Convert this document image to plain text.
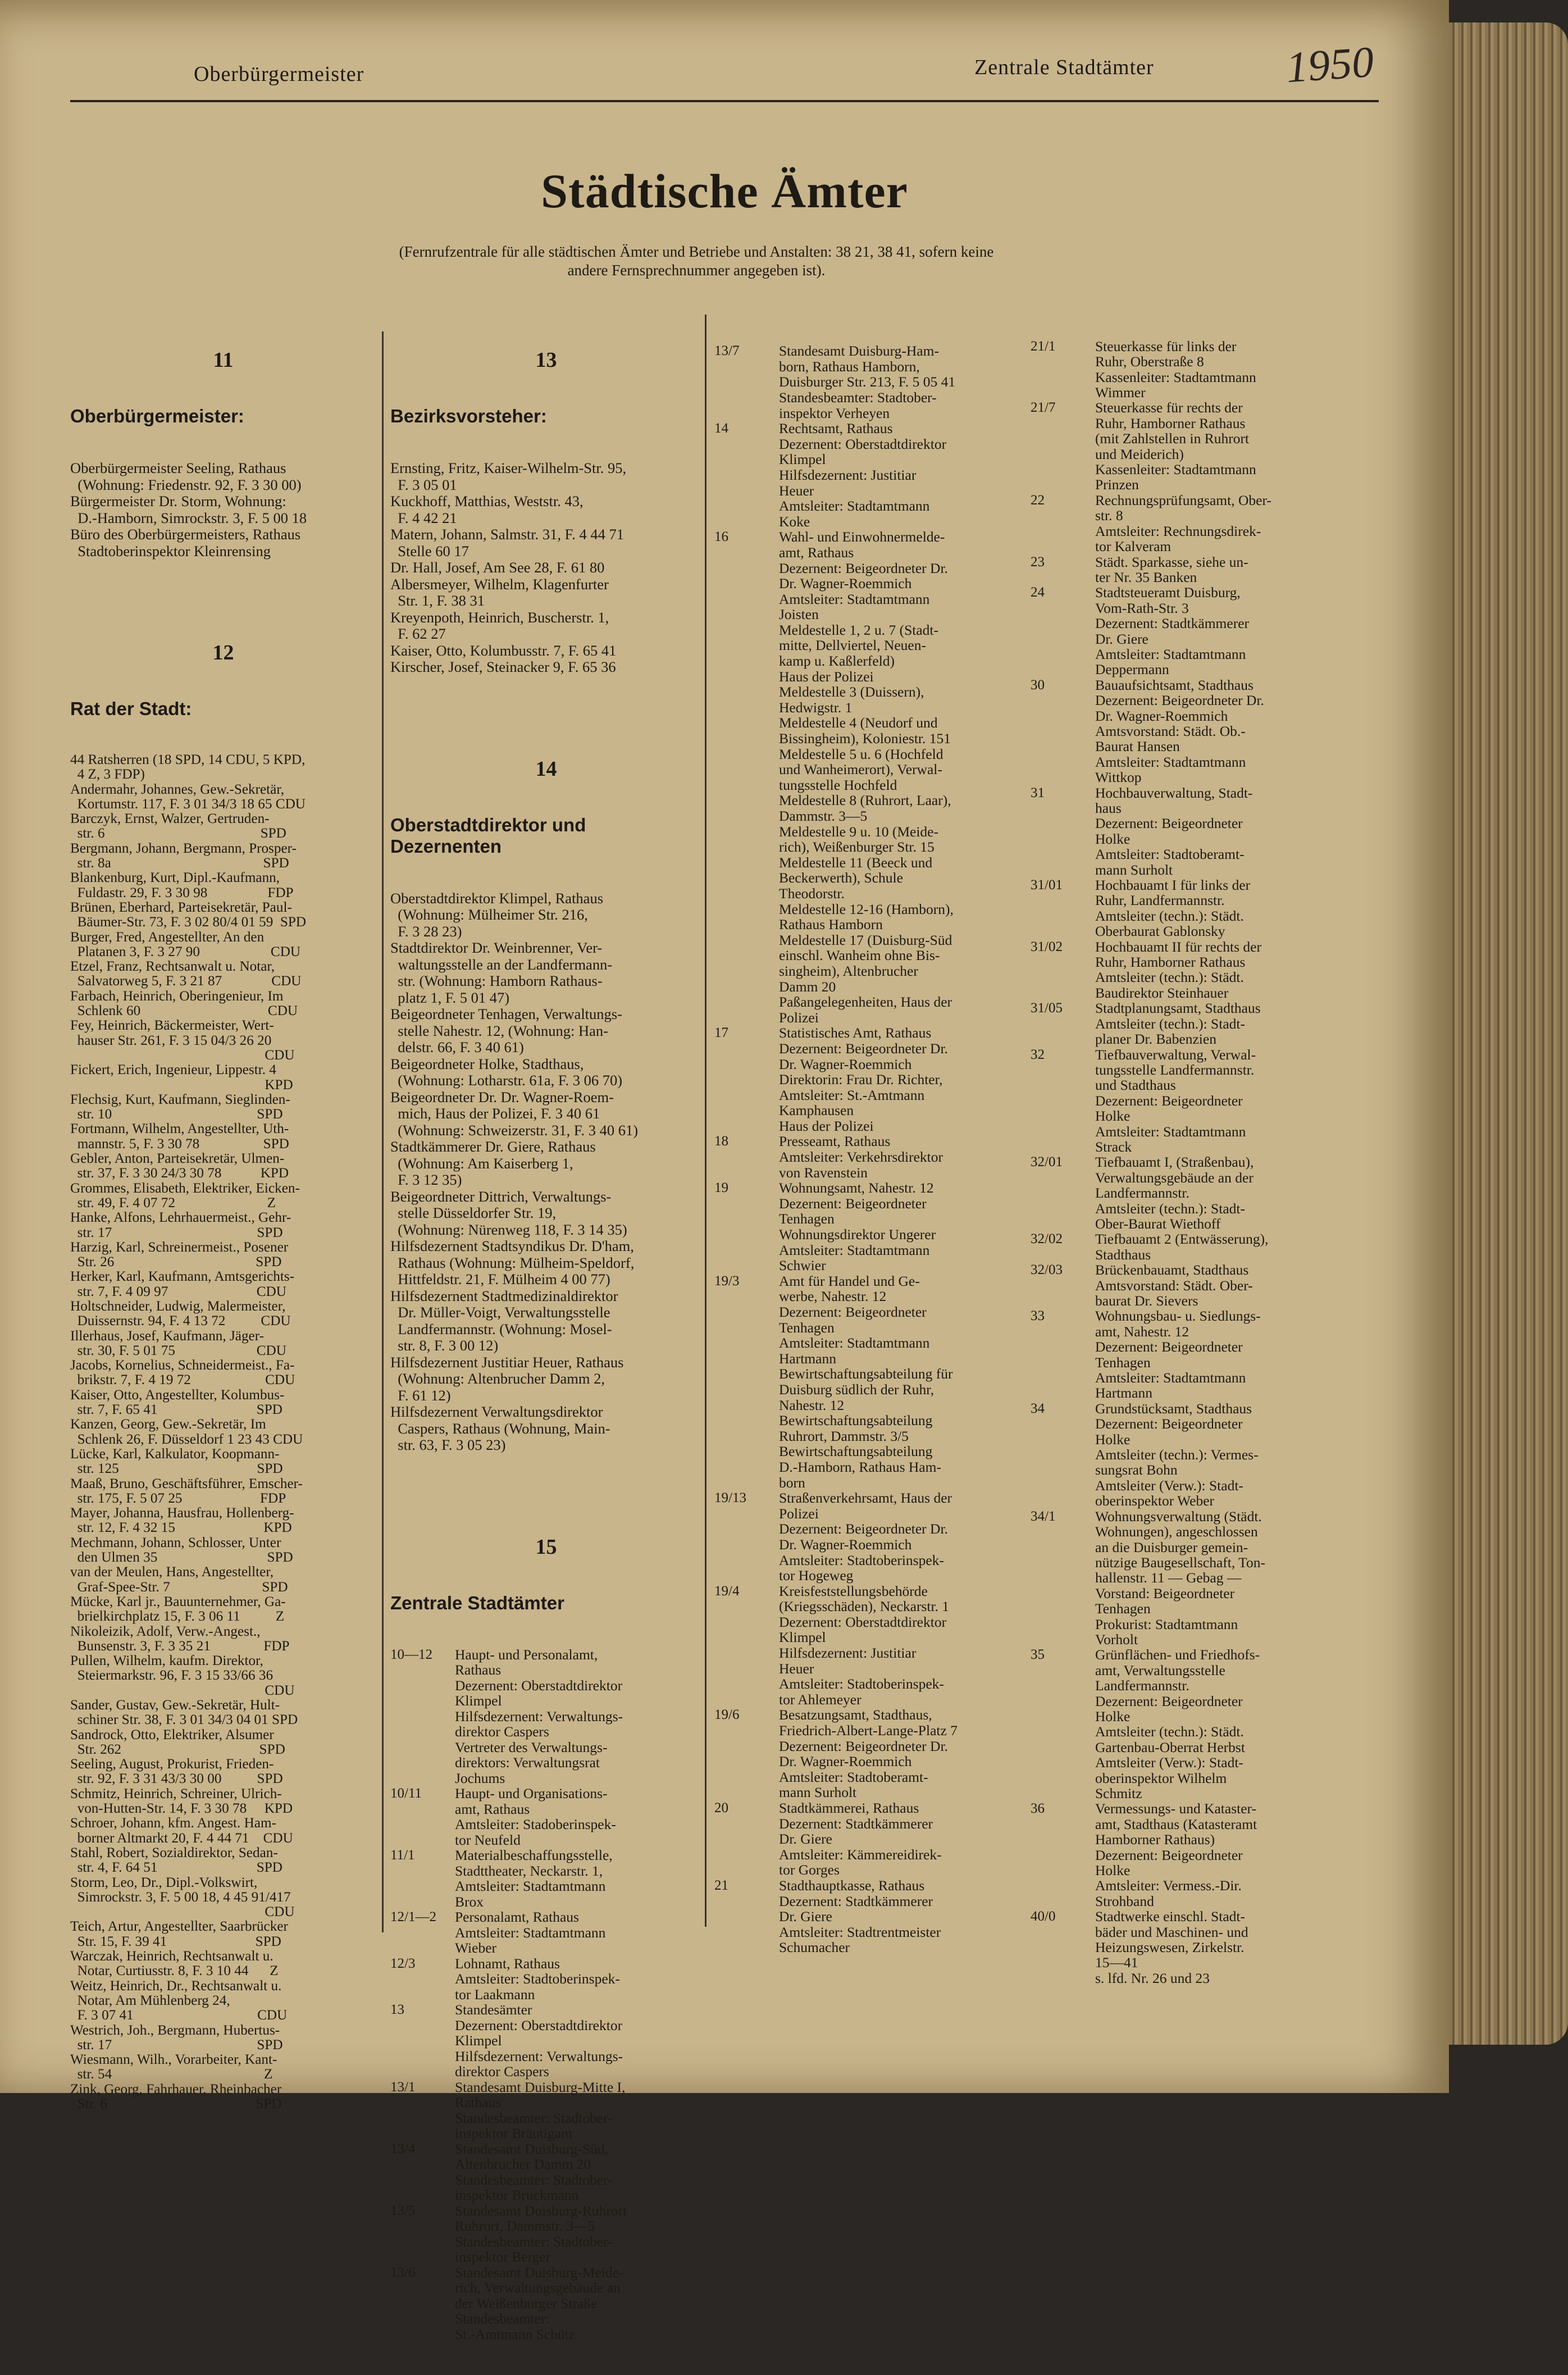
Oberbürgermeister	Zentrale Stadtämter	1950
Städtische Ämter
(Fernrufzentrale für alle städtischen Ämter und Betriebe und Anstalten: 38 21, 38 41, sofern keine andere Fernsprechnummer angegeben ist).

11

Oberbürgermeister:

Oberbürgermeister Seeling, Rathaus
(Wohnung: Friedenstr. 92, F. 3 30 00)
Bürgermeister Dr. Storm, Wohnung:
D.-Hamborn, Simrockstr. 3, F. 5 00 18
Büro des Oberbürgermeisters, Rathaus
Stadtoberinspektor Kleinrensing

12

Rat der Stadt:

44 Ratsherren (18 SPD, 14 CDU, 5 KPD,
4 Z, 3 FDP)
Andermahr, Johannes, Gew.-Sekretär,
Kortumstr. 117, F. 3 01 34/3 18 65 CDU
Barczyk, Ernst, Walzer, Gertruden-
str. 6                                            SPD
Bergmann, Johann, Bergmann, Prosper-
str. 8a                                           SPD
Blankenburg, Kurt, Dipl.-Kaufmann,
Fuldastr. 29, F. 3 30 98                 FDP
Brünen, Eberhard, Parteisekretär, Paul-
Bäumer-Str. 73, F. 3 02 80/4 01 59  SPD
Burger, Fred, Angestellter, An den
Platanen 3, F. 3 27 90                    CDU
Etzel, Franz, Rechtsanwalt u. Notar,
Salvatorweg 5, F. 3 21 87              CDU
Farbach, Heinrich, Oberingenieur, Im
Schlenk 60                                    CDU
Fey, Heinrich, Bäckermeister, Wert-
hauser Str. 261, F. 3 15 04/3 26 20
CDU
Fickert, Erich, Ingenieur, Lippestr. 4
KPD
Flechsig, Kurt, Kaufmann, Sieglinden-
str. 10                                         SPD
Fortmann, Wilhelm, Angestellter, Uth-
mannstr. 5, F. 3 30 78                  SPD
Gebler, Anton, Parteisekretär, Ulmen-
str. 37, F. 3 30 24/3 30 78           KPD
Grommes, Elisabeth, Elektriker, Eicken-
str. 49, F. 4 07 72                          Z
Hanke, Alfons, Lehrhauermeist., Gehr-
str. 17                                         SPD
Harzig, Karl, Schreinermeist., Posener
Str. 26                                        SPD
Herker, Karl, Kaufmann, Amtsgerichts-
str. 7, F. 4 09 97                         CDU
Holtschneider, Ludwig, Malermeister,
Duissernstr. 94, F. 4 13 72          CDU
Illerhaus, Josef, Kaufmann, Jäger-
str. 30, F. 5 01 75                       CDU
Jacobs, Kornelius, Schneidermeist., Fa-
brikstr. 7, F. 4 19 72                     CDU
Kaiser, Otto, Angestellter, Kolumbus-
str. 7, F. 65 41                            SPD
Kanzen, Georg, Gew.-Sekretär, Im
Schlenk 26, F. Düsseldorf 1 23 43 CDU
Lücke, Karl, Kalkulator, Koopmann-
str. 125                                       SPD
Maaß, Bruno, Geschäftsführer, Emscher-
str. 175, F. 5 07 25                      FDP
Mayer, Johanna, Hausfrau, Hollenberg-
str. 12, F. 4 32 15                         KPD
Mechmann, Johann, Schlosser, Unter
den Ulmen 35                               SPD
van der Meulen, Hans, Angestellter,
Graf-Spee-Str. 7                          SPD
Mücke, Karl jr., Bauunternehmer, Ga-
brielkirchplatz 15, F. 3 06 11          Z
Nikoleizik, Adolf, Verw.-Angest.,
Bunsenstr. 3, F. 3 35 21               FDP
Pullen, Wilhelm, kaufm. Direktor,
Steiermarkstr. 96, F. 3 15 33/66 36
CDU
Sander, Gustav, Gew.-Sekretär, Hult-
schiner Str. 38, F. 3 01 34/3 04 01 SPD
Sandrock, Otto, Elektriker, Alsumer
Str. 262                                       SPD
Seeling, August, Prokurist, Frieden-
str. 92, F. 3 31 43/3 30 00          SPD
Schmitz, Heinrich, Schreiner, Ulrich-
von-Hutten-Str. 14, F. 3 30 78     KPD
Schroer, Johann, kfm. Angest. Ham-
borner Altmarkt 20, F. 4 44 71    CDU
Stahl, Robert, Sozialdirektor, Sedan-
str. 4, F. 64 51                            SPD
Storm, Leo, Dr., Dipl.-Volkswirt,
Simrockstr. 3, F. 5 00 18, 4 45 91/417
CDU
Teich, Artur, Angestellter, Saarbrücker
Str. 15, F. 39 41                         SPD
Warczak, Heinrich, Rechtsanwalt u.
Notar, Curtiusstr. 8, F. 3 10 44      Z
Weitz, Heinrich, Dr., Rechtsanwalt u.
Notar, Am Mühlenberg 24,
F. 3 07 41                                   CDU
Westrich, Joh., Bergmann, Hubertus-
str. 17                                         SPD
Wiesmann, Wilh., Vorarbeiter, Kant-
str. 54                                           Z
Zink, Georg, Fahrhauer, Rheinbacher
Str. 6                                          SPD

13

Bezirksvorsteher:

Ernsting, Fritz, Kaiser-Wilhelm-Str. 95,
F. 3 05 01
Kuckhoff, Matthias, Weststr. 43,
F. 4 42 21
Matern, Johann, Salmstr. 31, F. 4 44 71
Stelle 60 17
Dr. Hall, Josef, Am See 28, F. 61 80
Albersmeyer, Wilhelm, Klagenfurter
Str. 1, F. 38 31
Kreyenpoth, Heinrich, Buscherstr. 1,
F. 62 27
Kaiser, Otto, Kolumbusstr. 7, F. 65 41
Kirscher, Josef, Steinacker 9, F. 65 36

14

Oberstadtdirektor und
Dezernenten

Oberstadtdirektor Klimpel, Rathaus
(Wohnung: Mülheimer Str. 216,
F. 3 28 23)
Stadtdirektor Dr. Weinbrenner, Ver-
waltungsstelle an der Landfermann-
str. (Wohnung: Hamborn Rathaus-
platz 1, F. 5 01 47)
Beigeordneter Tenhagen, Verwaltungs-
stelle Nahestr. 12, (Wohnung: Han-
delstr. 66, F. 3 40 61)
Beigeordneter Holke, Stadthaus,
(Wohnung: Lotharstr. 61a, F. 3 06 70)
Beigeordneter Dr. Dr. Wagner-Roem-
mich, Haus der Polizei, F. 3 40 61
(Wohnung: Schweizerstr. 31, F. 3 40 61)
Stadtkämmerer Dr. Giere, Rathaus
(Wohnung: Am Kaiserberg 1,
F. 3 12 35)
Beigeordneter Dittrich, Verwaltungs-
stelle Düsseldorfer Str. 19,
(Wohnung: Nürenweg 118, F. 3 14 35)
Hilfsdezernent Stadtsyndikus Dr. D'ham,
Rathaus (Wohnung: Mülheim-Speldorf,
Hittfeldstr. 21, F. Mülheim 4 00 77)
Hilfsdezernent Stadtmedizinaldirektor
Dr. Müller-Voigt, Verwaltungsstelle
Landfermannstr. (Wohnung: Mosel-
str. 8, F. 3 00 12)
Hilfsdezernent Justitiar Heuer, Rathaus
(Wohnung: Altenbrucher Damm 2,
F. 61 12)
Hilfsdezernent Verwaltungsdirektor
Caspers, Rathaus (Wohnung, Main-
str. 63, F. 3 05 23)

15

Zentrale Stadtämter

10—12	Haupt- und Personalamt,
Rathaus
Dezernent: Oberstadtdirektor
Klimpel
Hilfsdezernent: Verwaltungs-
direktor Caspers
Vertreter des Verwaltungs-
direktors: Verwaltungsrat
Jochums
10/11	Haupt- und Organisations-
amt, Rathaus
Amtsleiter: Stadoberinspek-
tor Neufeld
11/1	Materialbeschaffungsstelle,
Stadttheater, Neckarstr. 1,
Amtsleiter: Stadtamtmann
Brox
12/1—2	Personalamt, Rathaus
Amtsleiter: Stadtamtmann
Wieber
12/3	Lohnamt, Rathaus
Amtsleiter: Stadtoberinspek-
tor Laakmann
13	Standesämter
Dezernent: Oberstadtdirektor
Klimpel
Hilfsdezernent: Verwaltungs-
direktor Caspers
13/1	Standesamt Duisburg-Mitte I,
Rathaus
Standesbeamter: Stadtober-
inspektor Bräutigam
13/4	Standesamt Duisburg-Süd,
Altenbrucher Damm 20
Standesbeamter: Stadtober-
inspektor Bruckmann
13/5	Standesamt Duisburg-Ruhrort
Ruhrort, Dammstr. 3—5
Standesbeamter: Stadtober-
inspektor Berger
13/6	Standesamt Duisburg-Meide-
rich, Verwaltungsgebäude an
der Weißenburger Straße
Standesbeamter:
St.-Amtmann Schütz

13/7	Standesamt Duisburg-Ham-
born, Rathaus Hamborn,
Duisburger Str. 213, F. 5 05 41
Standesbeamter: Stadtober-
inspektor Verheyen
14	Rechtsamt, Rathaus
Dezernent: Oberstadtdirektor
Klimpel
Hilfsdezernent: Justitiar
Heuer
Amtsleiter: Stadtamtmann
Koke
16	Wahl- und Einwohnermelde-
amt, Rathaus
Dezernent: Beigeordneter Dr.
Dr. Wagner-Roemmich
Amtsleiter: Stadtamtmann
Joisten
Meldestelle 1, 2 u. 7 (Stadt-
mitte, Dellviertel, Neuen-
kamp u. Kaßlerfeld)
Haus der Polizei
Meldestelle 3 (Duissern),
Hedwigstr. 1
Meldestelle 4 (Neudorf und
Bissingheim), Koloniestr. 151
Meldestelle 5 u. 6 (Hochfeld
und Wanheimerort), Verwal-
tungsstelle Hochfeld
Meldestelle 8 (Ruhrort, Laar),
Dammstr. 3—5
Meldestelle 9 u. 10 (Meide-
rich), Weißenburger Str. 15
Meldestelle 11 (Beeck und
Beckerwerth), Schule
Theodorstr.
Meldestelle 12-16 (Hamborn),
Rathaus Hamborn
Meldestelle 17 (Duisburg-Süd
einschl. Wanheim ohne Bis-
singheim), Altenbrucher
Damm 20
Paßangelegenheiten, Haus der
Polizei
17	Statistisches Amt, Rathaus
Dezernent: Beigeordneter Dr.
Dr. Wagner-Roemmich
Direktorin: Frau Dr. Richter,
Amtsleiter: St.-Amtmann
Kamphausen
Haus der Polizei
18	Presseamt, Rathaus
Amtsleiter: Verkehrsdirektor
von Ravenstein
19	Wohnungsamt, Nahestr. 12
Dezernent: Beigeordneter
Tenhagen
Wohnungsdirektor Ungerer
Amtsleiter: Stadtamtmann
Schwier
19/3	Amt für Handel und Ge-
werbe, Nahestr. 12
Dezernent: Beigeordneter
Tenhagen
Amtsleiter: Stadtamtmann
Hartmann
Bewirtschaftungsabteilung für
Duisburg südlich der Ruhr,
Nahestr. 12
Bewirtschaftungsabteilung
Ruhrort, Dammstr. 3/5
Bewirtschaftungsabteilung
D.-Hamborn, Rathaus Ham-
born
19/13	Straßenverkehrsamt, Haus der
Polizei
Dezernent: Beigeordneter Dr.
Dr. Wagner-Roemmich
Amtsleiter: Stadtoberinspek-
tor Hogeweg
19/4	Kreisfeststellungsbehörde
(Kriegsschäden), Neckarstr. 1
Dezernent: Oberstadtdirektor
Klimpel
Hilfsdezernent: Justitiar
Heuer
Amtsleiter: Stadtoberinspek-
tor Ahlemeyer
19/6	Besatzungsamt, Stadthaus,
Friedrich-Albert-Lange-Platz 7
Dezernent: Beigeordneter Dr.
Dr. Wagner-Roemmich
Amtsleiter: Stadtoberamt-
mann Surholt
20	Stadtkämmerei, Rathaus
Dezernent: Stadtkämmerer
Dr. Giere
Amtsleiter: Kämmereidirek-
tor Gorges
21	Stadthauptkasse, Rathaus
Dezernent: Stadtkämmerer
Dr. Giere
Amtsleiter: Stadtrentmeister
Schumacher

21/1	Steuerkasse für links der
Ruhr, Oberstraße 8
Kassenleiter: Stadtamtmann
Wimmer
21/7	Steuerkasse für rechts der
Ruhr, Hamborner Rathaus
(mit Zahlstellen in Ruhrort
und Meiderich)
Kassenleiter: Stadtamtmann
Prinzen
22	Rechnungsprüfungsamt, Ober-
str. 8
Amtsleiter: Rechnungsdirek-
tor Kalveram
23	Städt. Sparkasse, siehe un-
ter Nr. 35 Banken
24	Stadtsteueramt Duisburg,
Vom-Rath-Str. 3
Dezernent: Stadtkämmerer
Dr. Giere
Amtsleiter: Stadtamtmann
Deppermann
30	Bauaufsichtsamt, Stadthaus
Dezernent: Beigeordneter Dr.
Dr. Wagner-Roemmich
Amtsvorstand: Städt. Ob.-
Baurat Hansen
Amtsleiter: Stadtamtmann
Wittkop
31	Hochbauverwaltung, Stadt-
haus
Dezernent: Beigeordneter
Holke
Amtsleiter: Stadtoberamt-
mann Surholt
31/01	Hochbauamt I für links der
Ruhr, Landfermannstr.
Amtsleiter (techn.): Städt.
Oberbaurat Gablonsky
31/02	Hochbauamt II für rechts der
Ruhr, Hamborner Rathaus
Amtsleiter (techn.): Städt.
Baudirektor Steinhauer
31/05	Stadtplanungsamt, Stadthaus
Amtsleiter (techn.): Stadt-
planer Dr. Babenzien
32	Tiefbauverwaltung, Verwal-
tungsstelle Landfermannstr.
und Stadthaus
Dezernent: Beigeordneter
Holke
Amtsleiter: Stadtamtmann
Strack
32/01	Tiefbauamt I, (Straßenbau),
Verwaltungsgebäude an der
Landfermannstr.
Amtsleiter (techn.): Stadt-
Ober-Baurat Wiethoff
32/02	Tiefbauamt 2 (Entwässerung),
Stadthaus
32/03	Brückenbauamt, Stadthaus
Amtsvorstand: Städt. Ober-
baurat Dr. Sievers
33	Wohnungsbau- u. Siedlungs-
amt, Nahestr. 12
Dezernent: Beigeordneter
Tenhagen
Amtsleiter: Stadtamtmann
Hartmann
34	Grundstücksamt, Stadthaus
Dezernent: Beigeordneter
Holke
Amtsleiter (techn.): Vermes-
sungsrat Bohn
Amtsleiter (Verw.): Stadt-
oberinspektor Weber
34/1	Wohnungsverwaltung (Städt.
Wohnungen), angeschlossen
an die Duisburger gemein-
nützige Baugesellschaft, Ton-
hallenstr. 11 — Gebag —
Vorstand: Beigeordneter
Tenhagen
Prokurist: Stadtamtmann
Vorholt
35	Grünflächen- und Friedhofs-
amt, Verwaltungsstelle
Landfermannstr.
Dezernent: Beigeordneter
Holke
Amtsleiter (techn.): Städt.
Gartenbau-Oberrat Herbst
Amtsleiter (Verw.): Stadt-
oberinspektor Wilhelm
Schmitz
36	Vermessungs- und Kataster-
amt, Stadthaus (Katasteramt
Hamborner Rathaus)
Dezernent: Beigeordneter
Holke
Amtsleiter: Vermess.-Dir.
Strohband
40/0	Stadtwerke einschl. Stadt-
bäder und Maschinen- und
Heizungswesen, Zirkelstr.
15—41
s. lfd. Nr. 26 und 23
